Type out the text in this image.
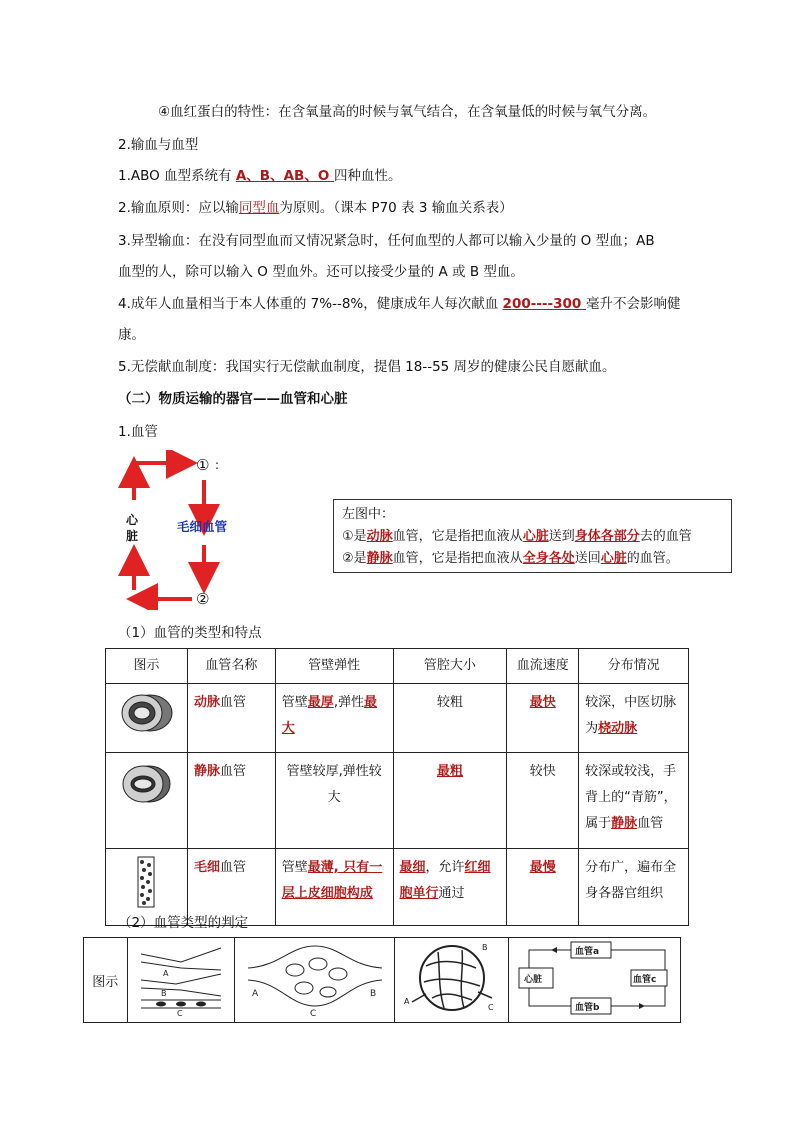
④血红蛋白的特性：在含氧量高的时候与氧气结合，在含氧量低的时候与氧气分离。
2.输血与血型
1.ABO 血型系统有 A、B、AB、O 四种血性。
2.输血原则：应以输同型血为原则。（课本 P70 表 3 输血关系表）
3.异型输血：在没有同型血而又情况紧急时，任何血型的人都可以输入少量的 O 型血；AB
血型的人，除可以输入 O 型血外。还可以接受少量的 A 或 B 型血。
4.成年人血量相当于本人体重的 7%--8%，健康成年人每次献血 200----300 毫升不会影响健
康。
5.无偿献血制度：我国实行无偿献血制度，提倡 18--55 周岁的健康公民自愿献血。
（二）物质运输的器官——血管和心脏
1.血管
① :
②
心
脏
毛细血管
左图中：
①是动脉血管，它是指把血液从心脏送到身体各部分去的血管
②是静脉血管，它是指把血液从全身各处送回心脏的血管。
（1）血管的类型和特点
图示	血管名称	管壁弹性	管腔大小	血流速度	分布情况
	动脉血管	管壁最厚,弹性最大	较粗	最快	较深，中医切脉为桡动脉
	静脉血管	管壁较厚,弹性较大	最粗	较快	较深或较浅，手背上的“青筋”，属于静脉血管
	毛细血管	管壁最薄, 只有一层上皮细胞构成	最细，允许红细胞单行通过	最慢	分布广，遍布全身各器官组织
（2）血管类型的判定
图示	
A
B
C

A	B
C

B
A
C

血管a
血管c
血管b
心脏
